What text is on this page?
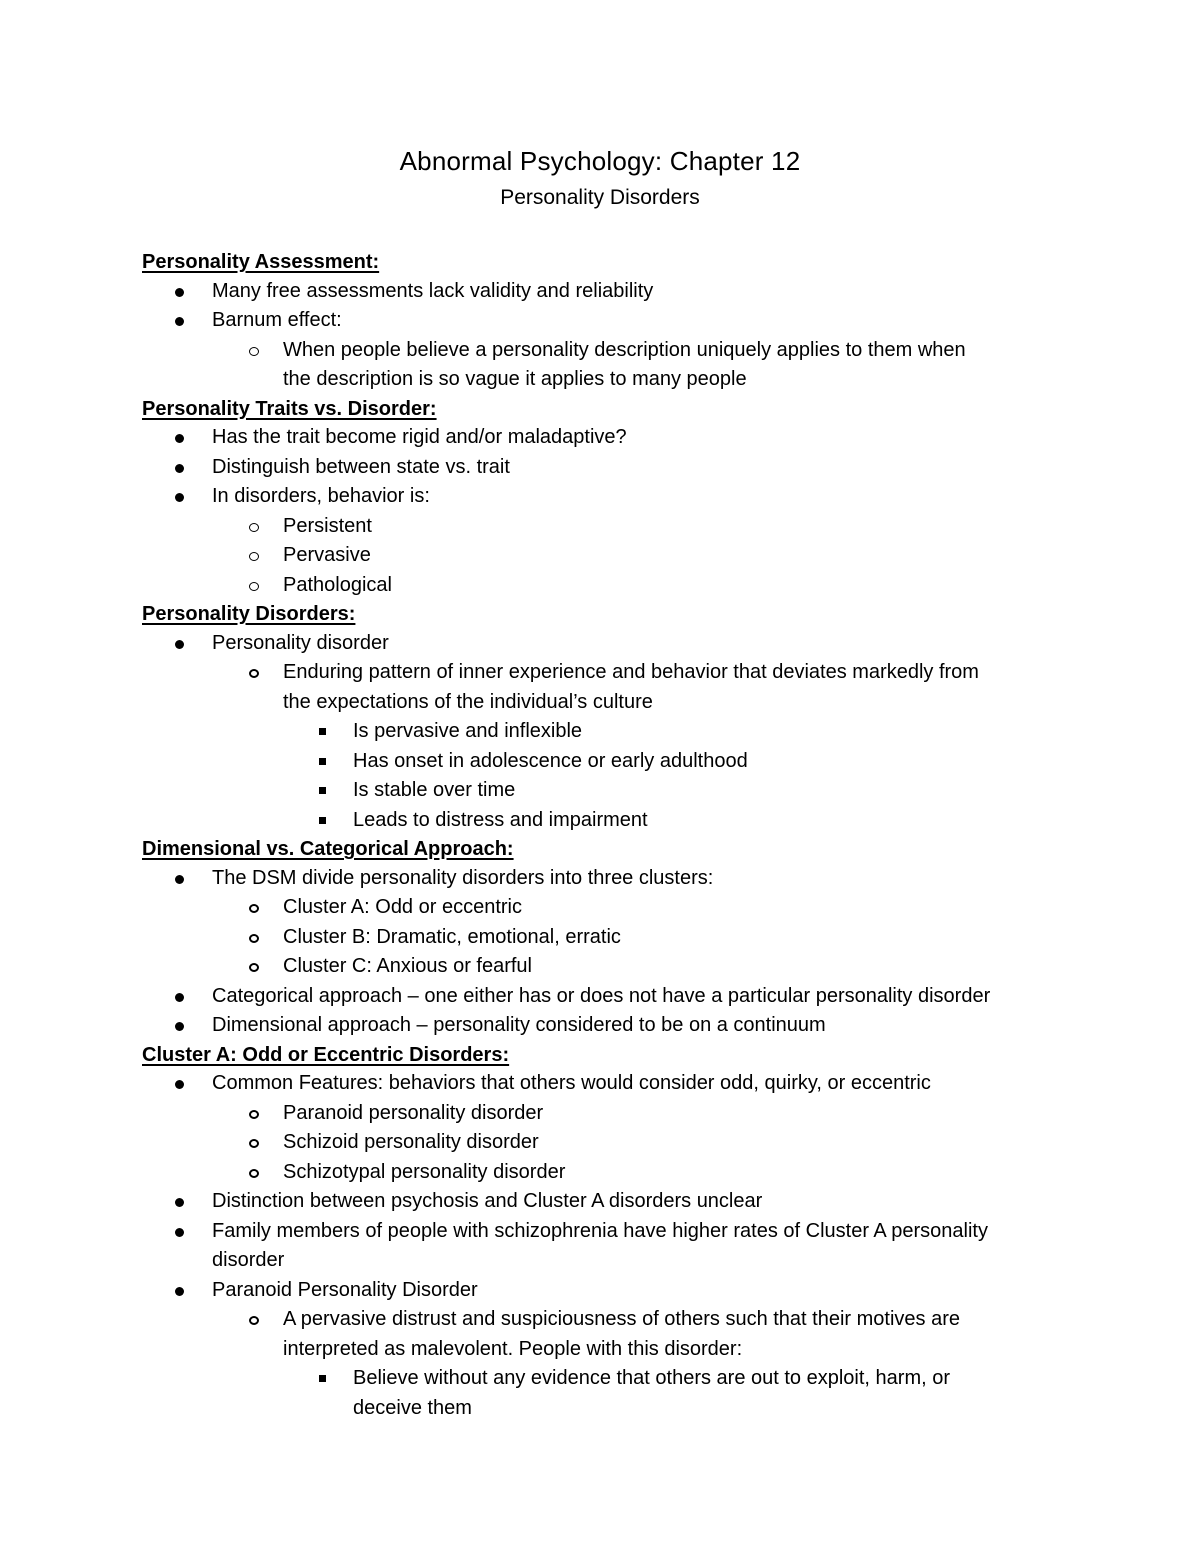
Abnormal Psychology: Chapter 12
Personality Disorders
Personality Assessment:
Many free assessments lack validity and reliability
Barnum effect:
When people believe a personality description uniquely applies to them when
the description is so vague it applies to many people
Personality Traits vs. Disorder:
Has the trait become rigid and/or maladaptive?
Distinguish between state vs. trait
In disorders, behavior is:
Persistent
Pervasive
Pathological
Personality Disorders:
Personality disorder
Enduring pattern of inner experience and behavior that deviates markedly from
the expectations of the individual’s culture
Is pervasive and inflexible
Has onset in adolescence or early adulthood
Is stable over time
Leads to distress and impairment
Dimensional vs. Categorical Approach:
The DSM divide personality disorders into three clusters:
Cluster A: Odd or eccentric
Cluster B: Dramatic, emotional, erratic
Cluster C: Anxious or fearful
Categorical approach – one either has or does not have a particular personality disorder
Dimensional approach – personality considered to be on a continuum
Cluster A: Odd or Eccentric Disorders:
Common Features: behaviors that others would consider odd, quirky, or eccentric
Paranoid personality disorder
Schizoid personality disorder
Schizotypal personality disorder
Distinction between psychosis and Cluster A disorders unclear
Family members of people with schizophrenia have higher rates of Cluster A personality
disorder
Paranoid Personality Disorder
A pervasive distrust and suspiciousness of others such that their motives are
interpreted as malevolent. People with this disorder:
Believe without any evidence that others are out to exploit, harm, or
deceive them
